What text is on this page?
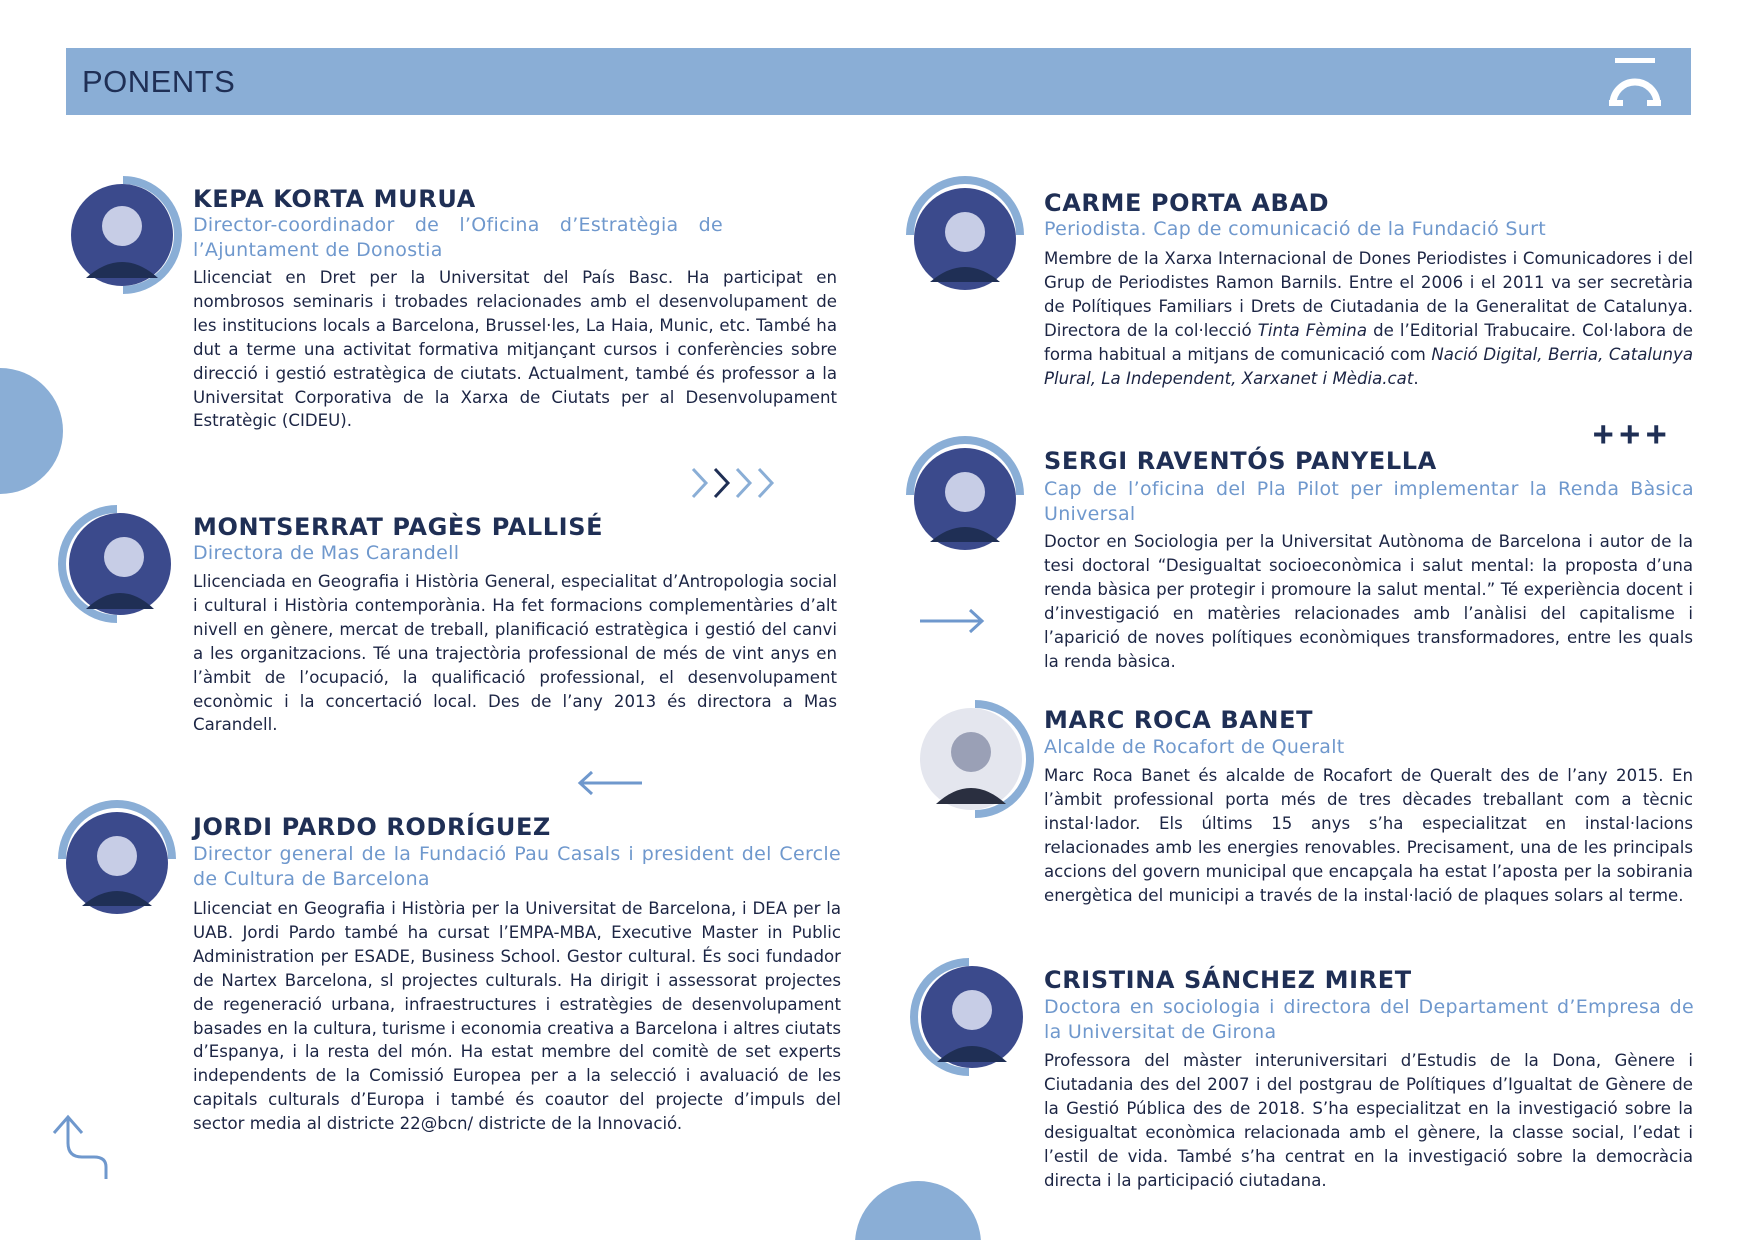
PONENTS
+++
KEPA KORTA MURUA
Director-coordinador de l’Oficina d’Estratègia de l’Ajuntament de Donostia
Llicenciat en Dret per la Universitat del País Basc. Ha participat en nombrosos seminaris i trobades relacionades amb el desenvolupament de les institucions locals a Barcelona, Brussel·les, La Haia, Munic, etc. També ha dut a terme una activitat formativa mitjançant cursos i conferències sobre direcció i gestió estratègica de ciutats. Actualment, també és professor a la Universitat Corporativa de la Xarxa de Ciutats per al Desenvolupament Estratègic (CIDEU).
MONTSERRAT PAGÈS PALLISÉ
Directora de Mas Carandell
Llicenciada en Geografia i Història General, especialitat d’Antropologia social i cultural i Història contemporània. Ha fet formacions complementàries d’alt nivell en gènere, mercat de treball, planificació estratègica i gestió del canvi a les organitzacions. Té una trajectòria professional de més de vint anys en l’àmbit de l’ocupació, la qualificació professional, el desenvolupament econòmic i la concertació local. Des de l’any 2013 és directora a Mas Carandell.
JORDI PARDO RODRÍGUEZ
Director general de la Fundació Pau Casals i president del Cercle de Cultura de Barcelona
Llicenciat en Geografia i Història per la Universitat de Barcelona, i DEA per la UAB. Jordi Pardo també ha cursat l’EMPA-MBA, Executive Master in Public Administration per ESADE, Business School. Gestor cultural. És soci fundador de Nartex Barcelona, sl projectes culturals. Ha dirigit i assessorat projectes de regeneració urbana, infraestructures i estratègies de desenvolupament basades en la cultura, turisme i economia creativa a Barcelona i altres ciutats d’Espanya, i la resta del món. Ha estat membre del comitè de set experts independents de la Comissió Europea per a la selecció i avaluació de les capitals culturals d’Europa i també és coautor del projecte d’impuls del sector media al districte 22@bcn/ districte de la Innovació.
CARME PORTA ABAD
Periodista. Cap de comunicació de la Fundació Surt
Membre de la Xarxa Internacional de Dones Periodistes i Comunicadores i del Grup de Periodistes Ramon Barnils. Entre el 2006 i el 2011 va ser secretària de Polítiques Familiars i Drets de Ciutadania de la Generalitat de Catalunya. Directora de la col·lecció Tinta Fèmina de l’Editorial Trabucaire. Col·labora de forma habitual a mitjans de comunicació com Nació Digital, Berria, Catalunya Plural, La Independent, Xarxanet i Mèdia.cat.
SERGI RAVENTÓS PANYELLA
Cap de l’oficina del Pla Pilot per implementar la Renda Bàsica Universal
Doctor en Sociologia per la Universitat Autònoma de Barcelona i autor de la tesi doctoral “Desigualtat socioeconòmica i salut mental: la proposta d’una renda bàsica per protegir i promoure la salut mental.” Té experiència docent i d’investigació en matèries relacionades amb l’anàlisi del capitalisme i l’aparició de noves polítiques econòmiques transformadores, entre les quals la renda bàsica.
MARC ROCA BANET
Alcalde de Rocafort de Queralt
Marc Roca Banet és alcalde de Rocafort de Queralt des de l’any 2015. En l’àmbit professional porta més de tres dècades treballant com a tècnic instal·lador. Els últims 15 anys s’ha especialitzat en instal·lacions relacionades amb les energies renovables. Precisament, una de les principals accions del govern municipal que encapçala ha estat l’aposta per la sobirania energètica del municipi a través de la instal·lació de plaques solars al terme.
CRISTINA SÁNCHEZ MIRET
Doctora en sociologia i directora del Departament d’Empresa de la Universitat de Girona
Professora del màster interuniversitari d’Estudis de la Dona, Gènere i Ciutadania des del 2007 i del postgrau de Polítiques d’Igualtat de Gènere de la Gestió Pública des de 2018. S’ha especialitzat en la investigació sobre la desigualtat econòmica relacionada amb el gènere, la classe social, l’edat i l’estil de vida. També s’ha centrat en la investigació sobre la democràcia directa i la participació ciutadana.
